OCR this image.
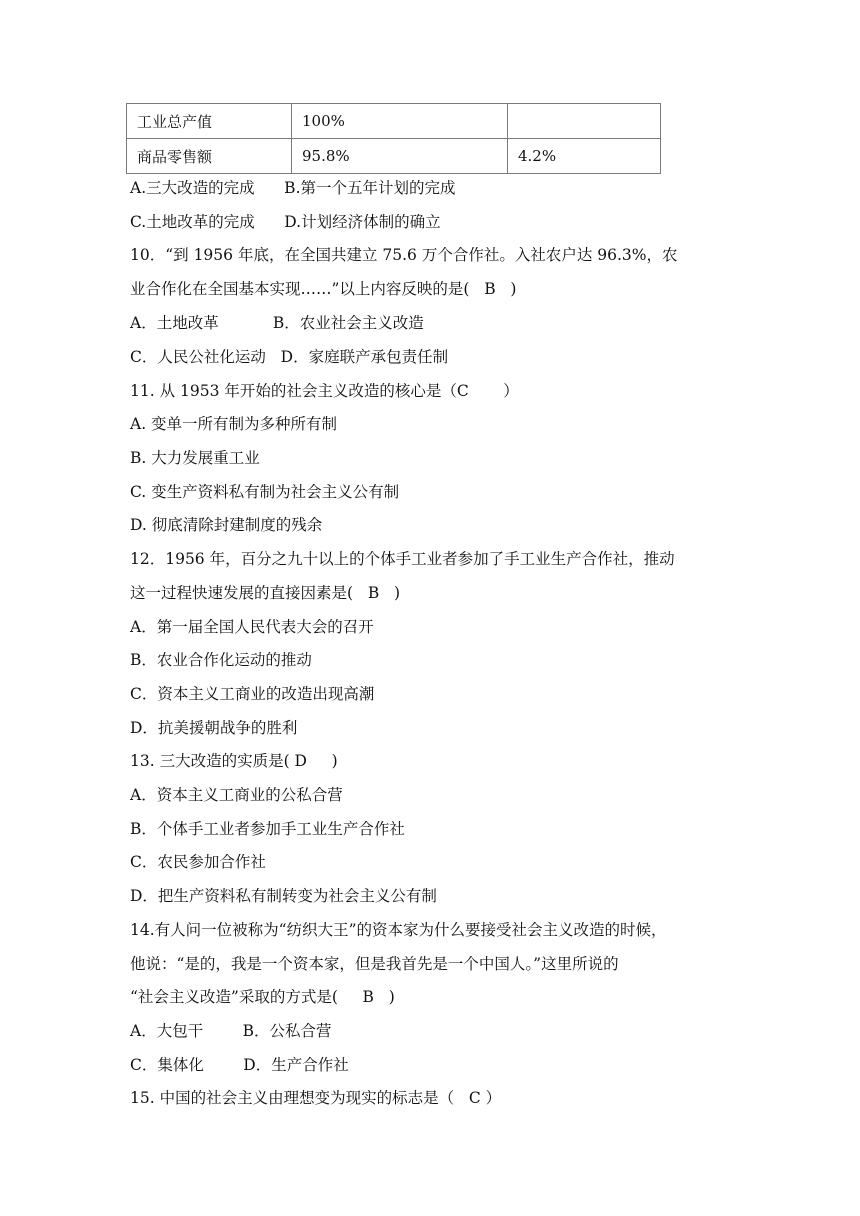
工业总产值	100%	
商品零售额	95.8%	4.2%
A.三大改造的完成      B.第一个五年计划的完成
C.土地改革的完成      D.计划经济体制的确立
10．“到 1956 年底，在全国共建立 75.6 万个合作社。入社农户达 96.3%，农
业合作化在全国基本实现……”以上内容反映的是(   B   )
A．土地改革           B．农业社会主义改造
C．人民公社化运动   D．家庭联产承包责任制
11. 从 1953 年开始的社会主义改造的核心是（C       ）
A. 变单一所有制为多种所有制
B. 大力发展重工业
C. 变生产资料私有制为社会主义公有制
D. 彻底清除封建制度的残余
12．1956 年，百分之九十以上的个体手工业者参加了手工业生产合作社，推动
这一过程快速发展的直接因素是(   B   )
A．第一届全国人民代表大会的召开
B．农业合作化运动的推动
C．资本主义工商业的改造出现高潮
D．抗美援朝战争的胜利
13. 三大改造的实质是( D     )
A．资本主义工商业的公私合营
B．个体手工业者参加手工业生产合作社
C．农民参加合作社
D．把生产资料私有制转变为社会主义公有制
14.有人问一位被称为“纺织大王”的资本家为什么要接受社会主义改造的时候，
他说：“是的，我是一个资本家，但是我首先是一个中国人。”这里所说的
“社会主义改造”采取的方式是(     B   )
A．大包干        B．公私合营
C．集体化        D．生产合作社
15. 中国的社会主义由理想变为现实的标志是（   C ）
